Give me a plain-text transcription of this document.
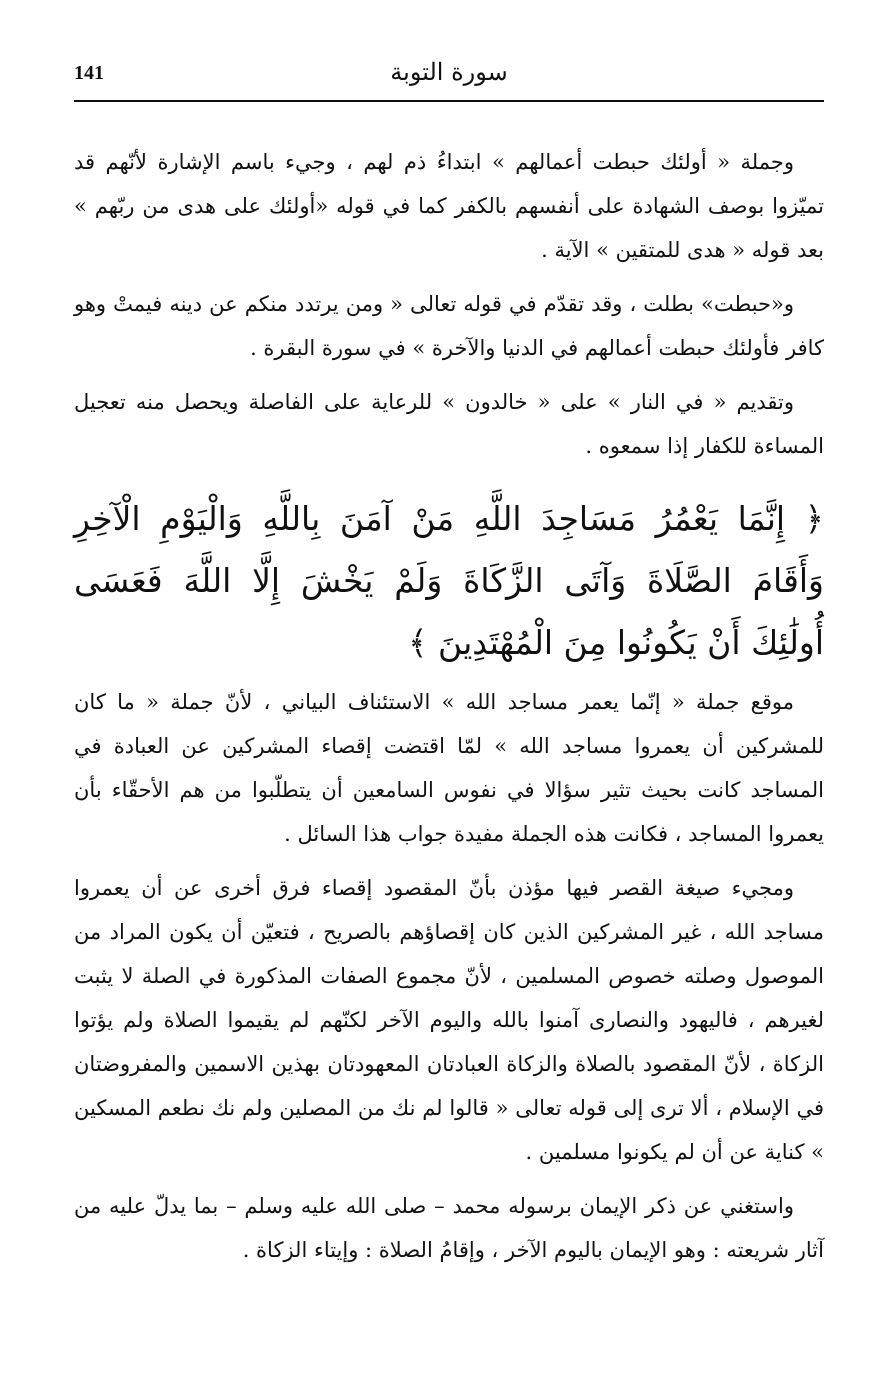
141	سورة التوبة

وجملة « أولئك حبطت أعمالهم » ابتداءُ ذم لهم ، وجيء باسم الإشارة لأنّهم قد تميّزوا بوصف الشهادة على أنفسهم بالكفر كما في قوله «أولئك على هدى من ربّهم » بعد قوله « هدى للمتقين » الآية .

و«حبطت» بطلت ، وقد تقدّم في قوله تعالى « ومن يرتدد منكم عن دينه فيمتْ وهو كافر فأولئك حبطت أعمالهم في الدنيا والآخرة » في سورة البقرة .

وتقديم « في النار » على « خالدون » للرعاية على الفاصلة ويحصل منه تعجيل المساءة للكفار إذا سمعوه .

﴿ إِنَّمَا يَعْمُرُ مَسَاجِدَ اللَّهِ مَنْ آمَنَ بِاللَّهِ وَالْيَوْمِ الْآخِرِ وَأَقَامَ الصَّلَاةَ وَآتَى الزَّكَاةَ وَلَمْ يَخْشَ إِلَّا اللَّهَ فَعَسَى أُولَٰئِكَ أَنْ يَكُونُوا مِنَ الْمُهْتَدِينَ ﴾

موقع جملة « إنّما يعمر مساجد الله » الاستئناف البياني ، لأنّ جملة « ما كان للمشركين أن يعمروا مساجد الله » لمّا اقتضت إقصاء المشركين عن العبادة في المساجد كانت بحيث تثير سؤالا في نفوس السامعين أن يتطلّبوا من هم الأحقّاء بأن يعمروا المساجد ، فكانت هذه الجملة مفيدة جواب هذا السائل .

ومجيء صيغة القصر فيها مؤذن بأنّ المقصود إقصاء فرق أخرى عن أن يعمروا مساجد الله ، غير المشركين الذين كان إقصاؤهم بالصريح ، فتعيّن أن يكون المراد من الموصول وصلته خصوص المسلمين ، لأنّ مجموع الصفات المذكورة في الصلة لا يثبت لغيرهم ، فاليهود والنصارى آمنوا بالله واليوم الآخر لكنّهم لم يقيموا الصلاة ولم يؤتوا الزكاة ، لأنّ المقصود بالصلاة والزكاة العبادتان المعهودتان بهذين الاسمين والمفروضتان في الإسلام ، ألا ترى إلى قوله تعالى « قالوا لم نك من المصلين ولم نك نطعم المسكين » كناية عن أن لم يكونوا مسلمين .

واستغني عن ذكر الإيمان برسوله محمد – صلى الله عليه وسلم – بما يدلّ عليه من آثار شريعته : وهو الإيمان باليوم الآخر ، وإقامُ الصلاة : وإيتاء الزكاة .
